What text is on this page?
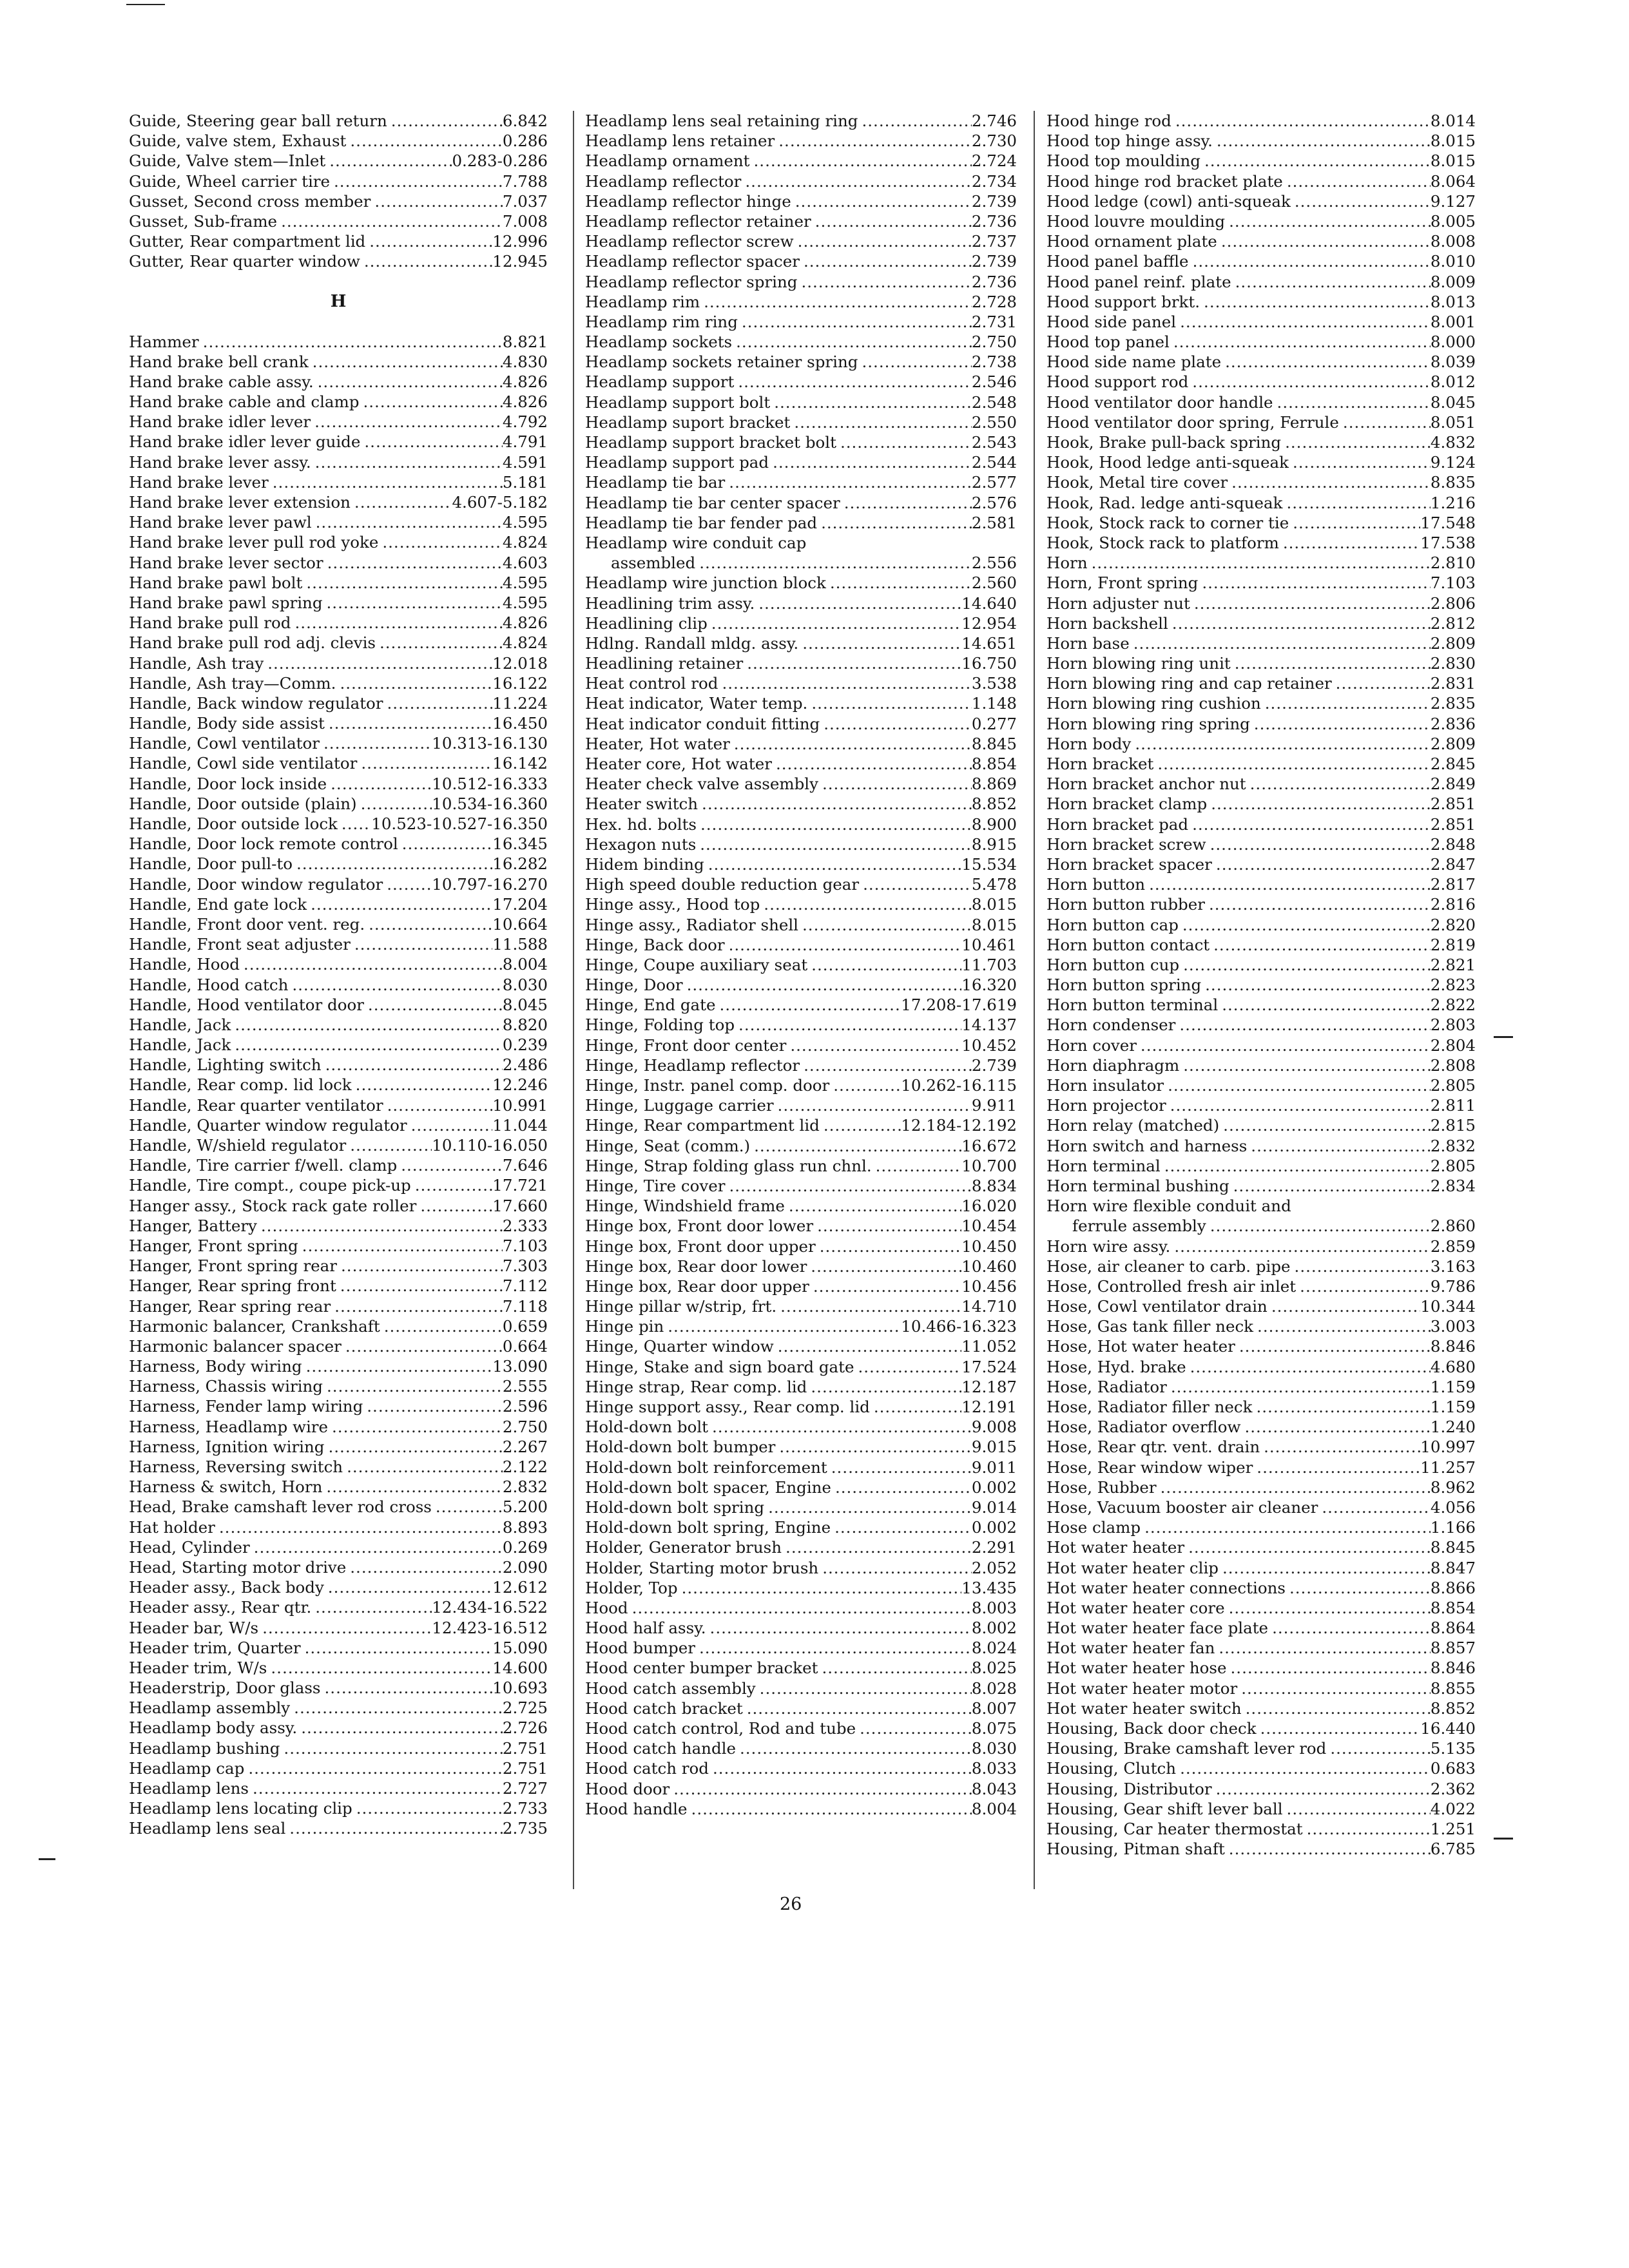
Guide, Steering gear ball return .....	6.842
Guide, valve stem, Exhaust .....	0.286
Guide, Valve stem—Inlet .....	0.283-0.286
Guide, Wheel carrier tire .....	7.788
Gusset, Second cross member .....	7.037
Gusset, Sub-frame .....	7.008
Gutter, Rear compartment lid .....	12.996
Gutter, Rear quarter window .....	12.945
H
Hammer .....	8.821
Hand brake bell crank .....	4.830
Hand brake cable assy. .....	4.826
Hand brake cable and clamp .....	4.826
Hand brake idler lever .....	4.792
Hand brake idler lever guide .....	4.791
Hand brake lever assy. .....	4.591
Hand brake lever .....	5.181
Hand brake lever extension .....	4.607-5.182
Hand brake lever pawl .....	4.595
Hand brake lever pull rod yoke .....	4.824
Hand brake lever sector .....	4.603
Hand brake pawl bolt .....	4.595
Hand brake pawl spring .....	4.595
Hand brake pull rod .....	4.826
Hand brake pull rod adj. clevis .....	4.824
Handle, Ash tray .....	12.018
Handle, Ash tray—Comm. .....	16.122
Handle, Back window regulator .....	11.224
Handle, Body side assist .....	16.450
Handle, Cowl ventilator .....	10.313-16.130
Handle, Cowl side ventilator .....	16.142
Handle, Door lock inside .....	10.512-16.333
Handle, Door outside (plain) .....	10.534-16.360
Handle, Door outside lock ..... 10.523-10.527-16.350
Handle, Door lock remote control .....	16.345
Handle, Door pull-to .....	16.282
Handle, Door window regulator .....	10.797-16.270
Handle, End gate lock .....	17.204
Handle, Front door vent. reg. .....	10.664
Handle, Front seat adjuster .....	11.588
Handle, Hood .....	8.004
Handle, Hood catch .....	8.030
Handle, Hood ventilator door .....	8.045
Handle, Jack .....	8.820
Handle, Jack .....	0.239
Handle, Lighting switch .....	2.486
Handle, Rear comp. lid lock .....	12.246
Handle, Rear quarter ventilator .....	10.991
Handle, Quarter window regulator .....	11.044
Handle, W/shield regulator .....	10.110-16.050
Handle, Tire carrier f/well. clamp .....	7.646
Handle, Tire compt., coupe pick-up .....	17.721
Hanger assy., Stock rack gate roller .....	17.660
Hanger, Battery .....	2.333
Hanger, Front spring .....	7.103
Hanger, Front spring rear .....	7.303
Hanger, Rear spring front .....	7.112
Hanger, Rear spring rear .....	7.118
Harmonic balancer, Crankshaft .....	0.659
Harmonic balancer spacer .....	0.664
Harness, Body wiring .....	13.090
Harness, Chassis wiring .....	2.555
Harness, Fender lamp wiring .....	2.596
Harness, Headlamp wire .....	2.750
Harness, Ignition wiring .....	2.267
Harness, Reversing switch .....	2.122
Harness & switch, Horn .....	2.832
Head, Brake camshaft lever rod cross .....	5.200
Hat holder .....	8.893
Head, Cylinder .....	0.269
Head, Starting motor drive .....	2.090
Header assy., Back body .....	12.612
Header assy., Rear qtr. .....	12.434-16.522
Header bar, W/s .....	12.423-16.512
Header trim, Quarter .....	15.090
Header trim, W/s .....	14.600
Headerstrip, Door glass .....	10.693
Headlamp assembly .....	2.725
Headlamp body assy. .....	2.726
Headlamp bushing .....	2.751
Headlamp cap .....	2.751
Headlamp lens .....	2.727
Headlamp lens locating clip .....	2.733
Headlamp lens seal .....	2.735
Headlamp lens seal retaining ring .....	2.746
Headlamp lens retainer .....	2.730
Headlamp ornament .....	2.724
Headlamp reflector .....	2.734
Headlamp reflector hinge .....	2.739
Headlamp reflector retainer .....	2.736
Headlamp reflector screw .....	2.737
Headlamp reflector spacer .....	2.739
Headlamp reflector spring .....	2.736
Headlamp rim .....	2.728
Headlamp rim ring .....	2.731
Headlamp sockets .....	2.750
Headlamp sockets retainer spring .....	2.738
Headlamp support .....	2.546
Headlamp support bolt .....	2.548
Headlamp suport bracket .....	2.550
Headlamp support bracket bolt .....	2.543
Headlamp support pad .....	2.544
Headlamp tie bar .....	2.577
Headlamp tie bar center spacer .....	2.576
Headlamp tie bar fender pad .....	2.581
Headlamp wire conduit cap
assembled .....	2.556
Headlamp wire junction block .....	2.560
Headlining trim assy. .....	14.640
Headlining clip .....	12.954
Hdlng. Randall mldg. assy. .....	14.651
Headlining retainer .....	16.750
Heat control rod .....	3.538
Heat indicator, Water temp. .....	1.148
Heat indicator conduit fitting .....	0.277
Heater, Hot water .....	8.845
Heater core, Hot water .....	8.854
Heater check valve assembly .....	8.869
Heater switch .....	8.852
Hex. hd. bolts .....	8.900
Hexagon nuts .....	8.915
Hidem binding .....	15.534
High speed double reduction gear .....	5.478
Hinge assy., Hood top .....	8.015
Hinge assy., Radiator shell .....	8.015
Hinge, Back door .....	10.461
Hinge, Coupe auxiliary seat .....	11.703
Hinge, Door .....	16.320
Hinge, End gate .....	17.208-17.619
Hinge, Folding top .....	14.137
Hinge, Front door center .....	10.452
Hinge, Headlamp reflector .....	2.739
Hinge, Instr. panel comp. door .....	10.262-16.115
Hinge, Luggage carrier .....	9.911
Hinge, Rear compartment lid .....	12.184-12.192
Hinge, Seat (comm.) .....	16.672
Hinge, Strap folding glass run chnl. .....	10.700
Hinge, Tire cover .....	8.834
Hinge, Windshield frame .....	16.020
Hinge box, Front door lower .....	10.454
Hinge box, Front door upper .....	10.450
Hinge box, Rear door lower .....	10.460
Hinge box, Rear door upper .....	10.456
Hinge pillar w/strip, frt. .....	14.710
Hinge pin .....	10.466-16.323
Hinge, Quarter window .....	11.052
Hinge, Stake and sign board gate .....	17.524
Hinge strap, Rear comp. lid .....	12.187
Hinge support assy., Rear comp. lid .....	12.191
Hold-down bolt .....	9.008
Hold-down bolt bumper .....	9.015
Hold-down bolt reinforcement .....	9.011
Hold-down bolt spacer, Engine .....	0.002
Hold-down bolt spring .....	9.014
Hold-down bolt spring, Engine .....	0.002
Holder, Generator brush .....	2.291
Holder, Starting motor brush .....	2.052
Holder, Top .....	13.435
Hood .....	8.003
Hood half assy. .....	8.002
Hood bumper .....	8.024
Hood center bumper bracket .....	8.025
Hood catch assembly .....	8.028
Hood catch bracket .....	8.007
Hood catch control, Rod and tube .....	8.075
Hood catch handle .....	8.030
Hood catch rod .....	8.033
Hood door .....	8.043
Hood handle .....	8.004
Hood hinge rod .....	8.014
Hood top hinge assy. .....	8.015
Hood top moulding .....	8.015
Hood hinge rod bracket plate .....	8.064
Hood ledge (cowl) anti-squeak .....	9.127
Hood louvre moulding .....	8.005
Hood ornament plate .....	8.008
Hood panel baffle .....	8.010
Hood panel reinf. plate .....	8.009
Hood support brkt. .....	8.013
Hood side panel .....	8.001
Hood top panel .....	8.000
Hood side name plate .....	8.039
Hood support rod .....	8.012
Hood ventilator door handle .....	8.045
Hood ventilator door spring, Ferrule .....	8.051
Hook, Brake pull-back spring .....	4.832
Hook, Hood ledge anti-squeak .....	9.124
Hook, Metal tire cover .....	8.835
Hook, Rad. ledge anti-squeak .....	1.216
Hook, Stock rack to corner tie .....	17.548
Hook, Stock rack to platform .....	17.538
Horn .....	2.810
Horn, Front spring .....	7.103
Horn adjuster nut .....	2.806
Horn backshell .....	2.812
Horn base .....	2.809
Horn blowing ring unit .....	2.830
Horn blowing ring and cap retainer .....	2.831
Horn blowing ring cushion .....	2.835
Horn blowing ring spring .....	2.836
Horn body .....	2.809
Horn bracket .....	2.845
Horn bracket anchor nut .....	2.849
Horn bracket clamp .....	2.851
Horn bracket pad .....	2.851
Horn bracket screw .....	2.848
Horn bracket spacer .....	2.847
Horn button .....	2.817
Horn button rubber .....	2.816
Horn button cap .....	2.820
Horn button contact .....	2.819
Horn button cup .....	2.821
Horn button spring .....	2.823
Horn button terminal .....	2.822
Horn condenser .....	2.803
Horn cover .....	2.804
Horn diaphragm .....	2.808
Horn insulator .....	2.805
Horn projector .....	2.811
Horn relay (matched) .....	2.815
Horn switch and harness .....	2.832
Horn terminal .....	2.805
Horn terminal bushing .....	2.834
Horn wire flexible conduit and
ferrule assembly .....	2.860
Horn wire assy. .....	2.859
Hose, air cleaner to carb. pipe .....	3.163
Hose, Controlled fresh air inlet .....	9.786
Hose, Cowl ventilator drain .....	10.344
Hose, Gas tank filler neck .....	3.003
Hose, Hot water heater .....	8.846
Hose, Hyd. brake .....	4.680
Hose, Radiator .....	1.159
Hose, Radiator filler neck .....	1.159
Hose, Radiator overflow .....	1.240
Hose, Rear qtr. vent. drain .....	10.997
Hose, Rear window wiper .....	11.257
Hose, Rubber .....	8.962
Hose, Vacuum booster air cleaner .....	4.056
Hose clamp .....	1.166
Hot water heater .....	8.845
Hot water heater clip .....	8.847
Hot water heater connections .....	8.866
Hot water heater core .....	8.854
Hot water heater face plate .....	8.864
Hot water heater fan .....	8.857
Hot water heater hose .....	8.846
Hot water heater motor .....	8.855
Hot water heater switch .....	8.852
Housing, Back door check .....	16.440
Housing, Brake camshaft lever rod .....	5.135
Housing, Clutch .....	0.683
Housing, Distributor .....	2.362
Housing, Gear shift lever ball .....	4.022
Housing, Car heater thermostat .....	1.251
Housing, Pitman shaft .....	6.785
26
